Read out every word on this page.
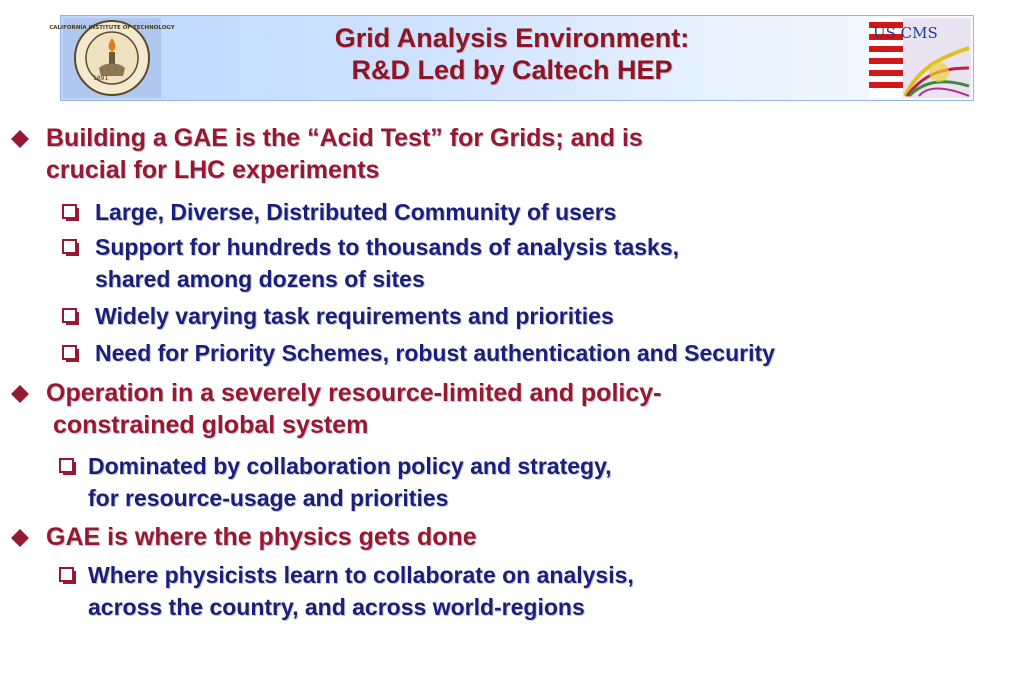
1891
CALIFORNIA INSTITUTE OF TECHNOLOGY	Grid Analysis Environment:
R&D Led by Caltech HEP
US CMS
Building a GAE is the “Acid Test” for Grids; and is
crucial for LHC experiments
Large, Diverse, Distributed Community of users
Support for hundreds to thousands of analysis tasks,
shared among dozens of sites
Widely varying task requirements and priorities
Need for Priority Schemes, robust authentication and Security
Operation in a severely resource-limited and policy-
constrained global system
Dominated by collaboration policy and strategy,
for resource-usage and priorities
GAE is where the physics gets done
Where physicists learn to collaborate on analysis,
across the country, and across world-regions
